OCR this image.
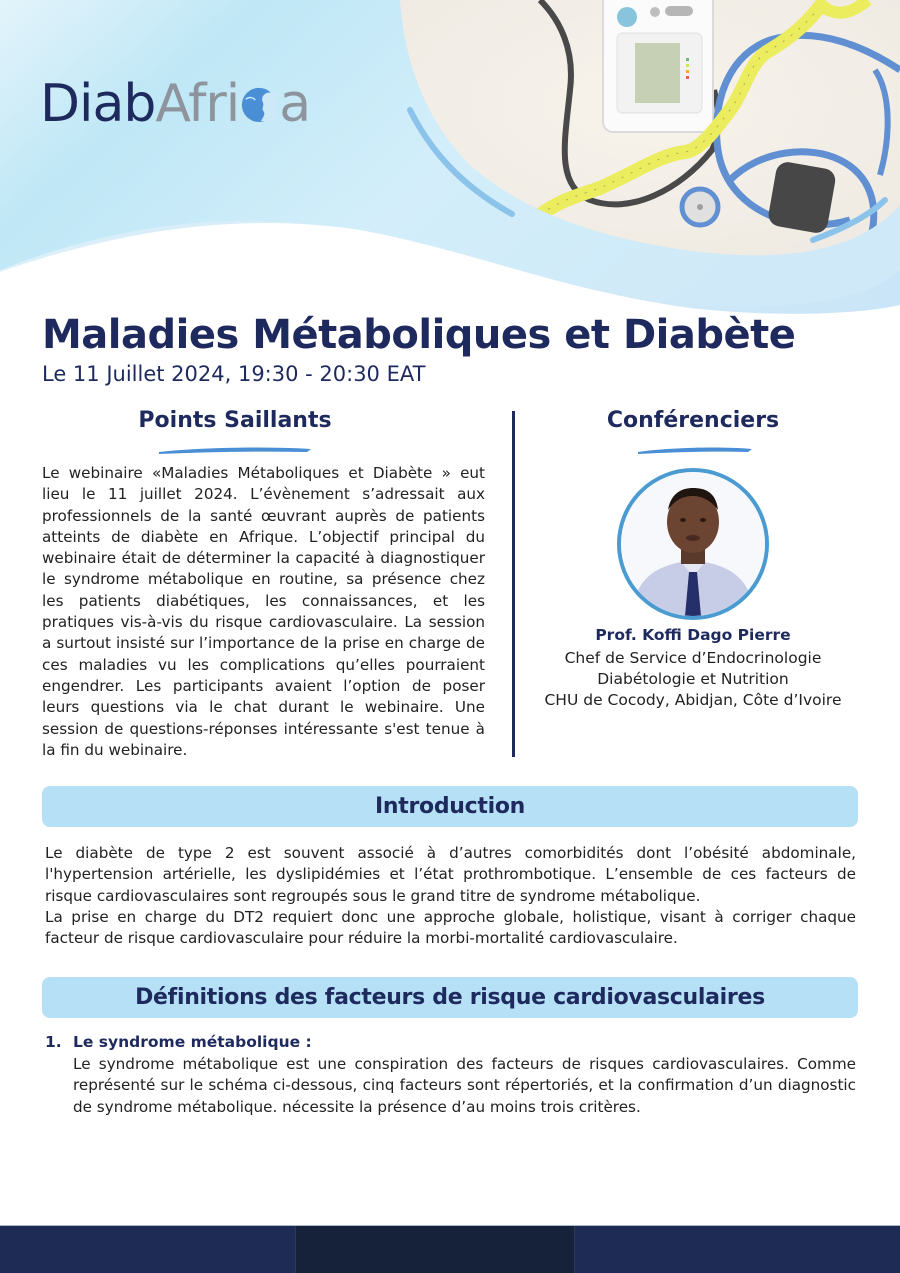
DiabAfri a
Maladies Métaboliques et Diabète
Le 11 Juillet 2024, 19:30 - 20:30 EAT
Points Saillants
Le webinaire «Maladies Métaboliques et Diabète » eut lieu le 11 juillet 2024. L’évènement s’adressait aux professionnels de la santé œuvrant auprès de patients atteints de diabète en Afrique. L’objectif principal du webinaire était de déterminer la capacité à diagnostiquer le syndrome métabolique en routine, sa présence chez les patients diabétiques, les connaissances, et les pratiques vis-à-vis du risque cardiovasculaire. La session a surtout insisté sur l’importance de la prise en charge de ces maladies vu les complications qu’elles pourraient engendrer. Les participants avaient l’option de poser leurs questions via le chat durant le webinaire. Une session de questions-réponses intéressante s'est tenue à la fin du webinaire.
Conférenciers
Prof. Koffi Dago Pierre
Chef de Service d’Endocrinologie
Diabétologie et Nutrition
CHU de Cocody, Abidjan, Côte d’Ivoire
Introduction

Le diabète de type 2 est souvent associé à d’autres comorbidités dont l’obésité abdominale, l'hypertension artérielle, les dyslipidémies et l’état prothrombotique. L’ensemble de ces facteurs de risque cardiovasculaires sont regroupés sous le grand titre de syndrome métabolique.

La prise en charge du DT2 requiert donc une approche globale, holistique, visant à corriger chaque facteur de risque cardiovasculaire pour réduire la morbi-mortalité cardiovasculaire.

Définitions des facteurs de risque cardiovasculaires
1. Le syndrome métabolique :
Le syndrome métabolique est une conspiration des facteurs de risques cardiovasculaires. Comme représenté sur le schéma ci-dessous, cinq facteurs sont répertoriés, et la confirmation d’un diagnostic de syndrome métabolique. nécessite la présence d’au moins trois critères.
